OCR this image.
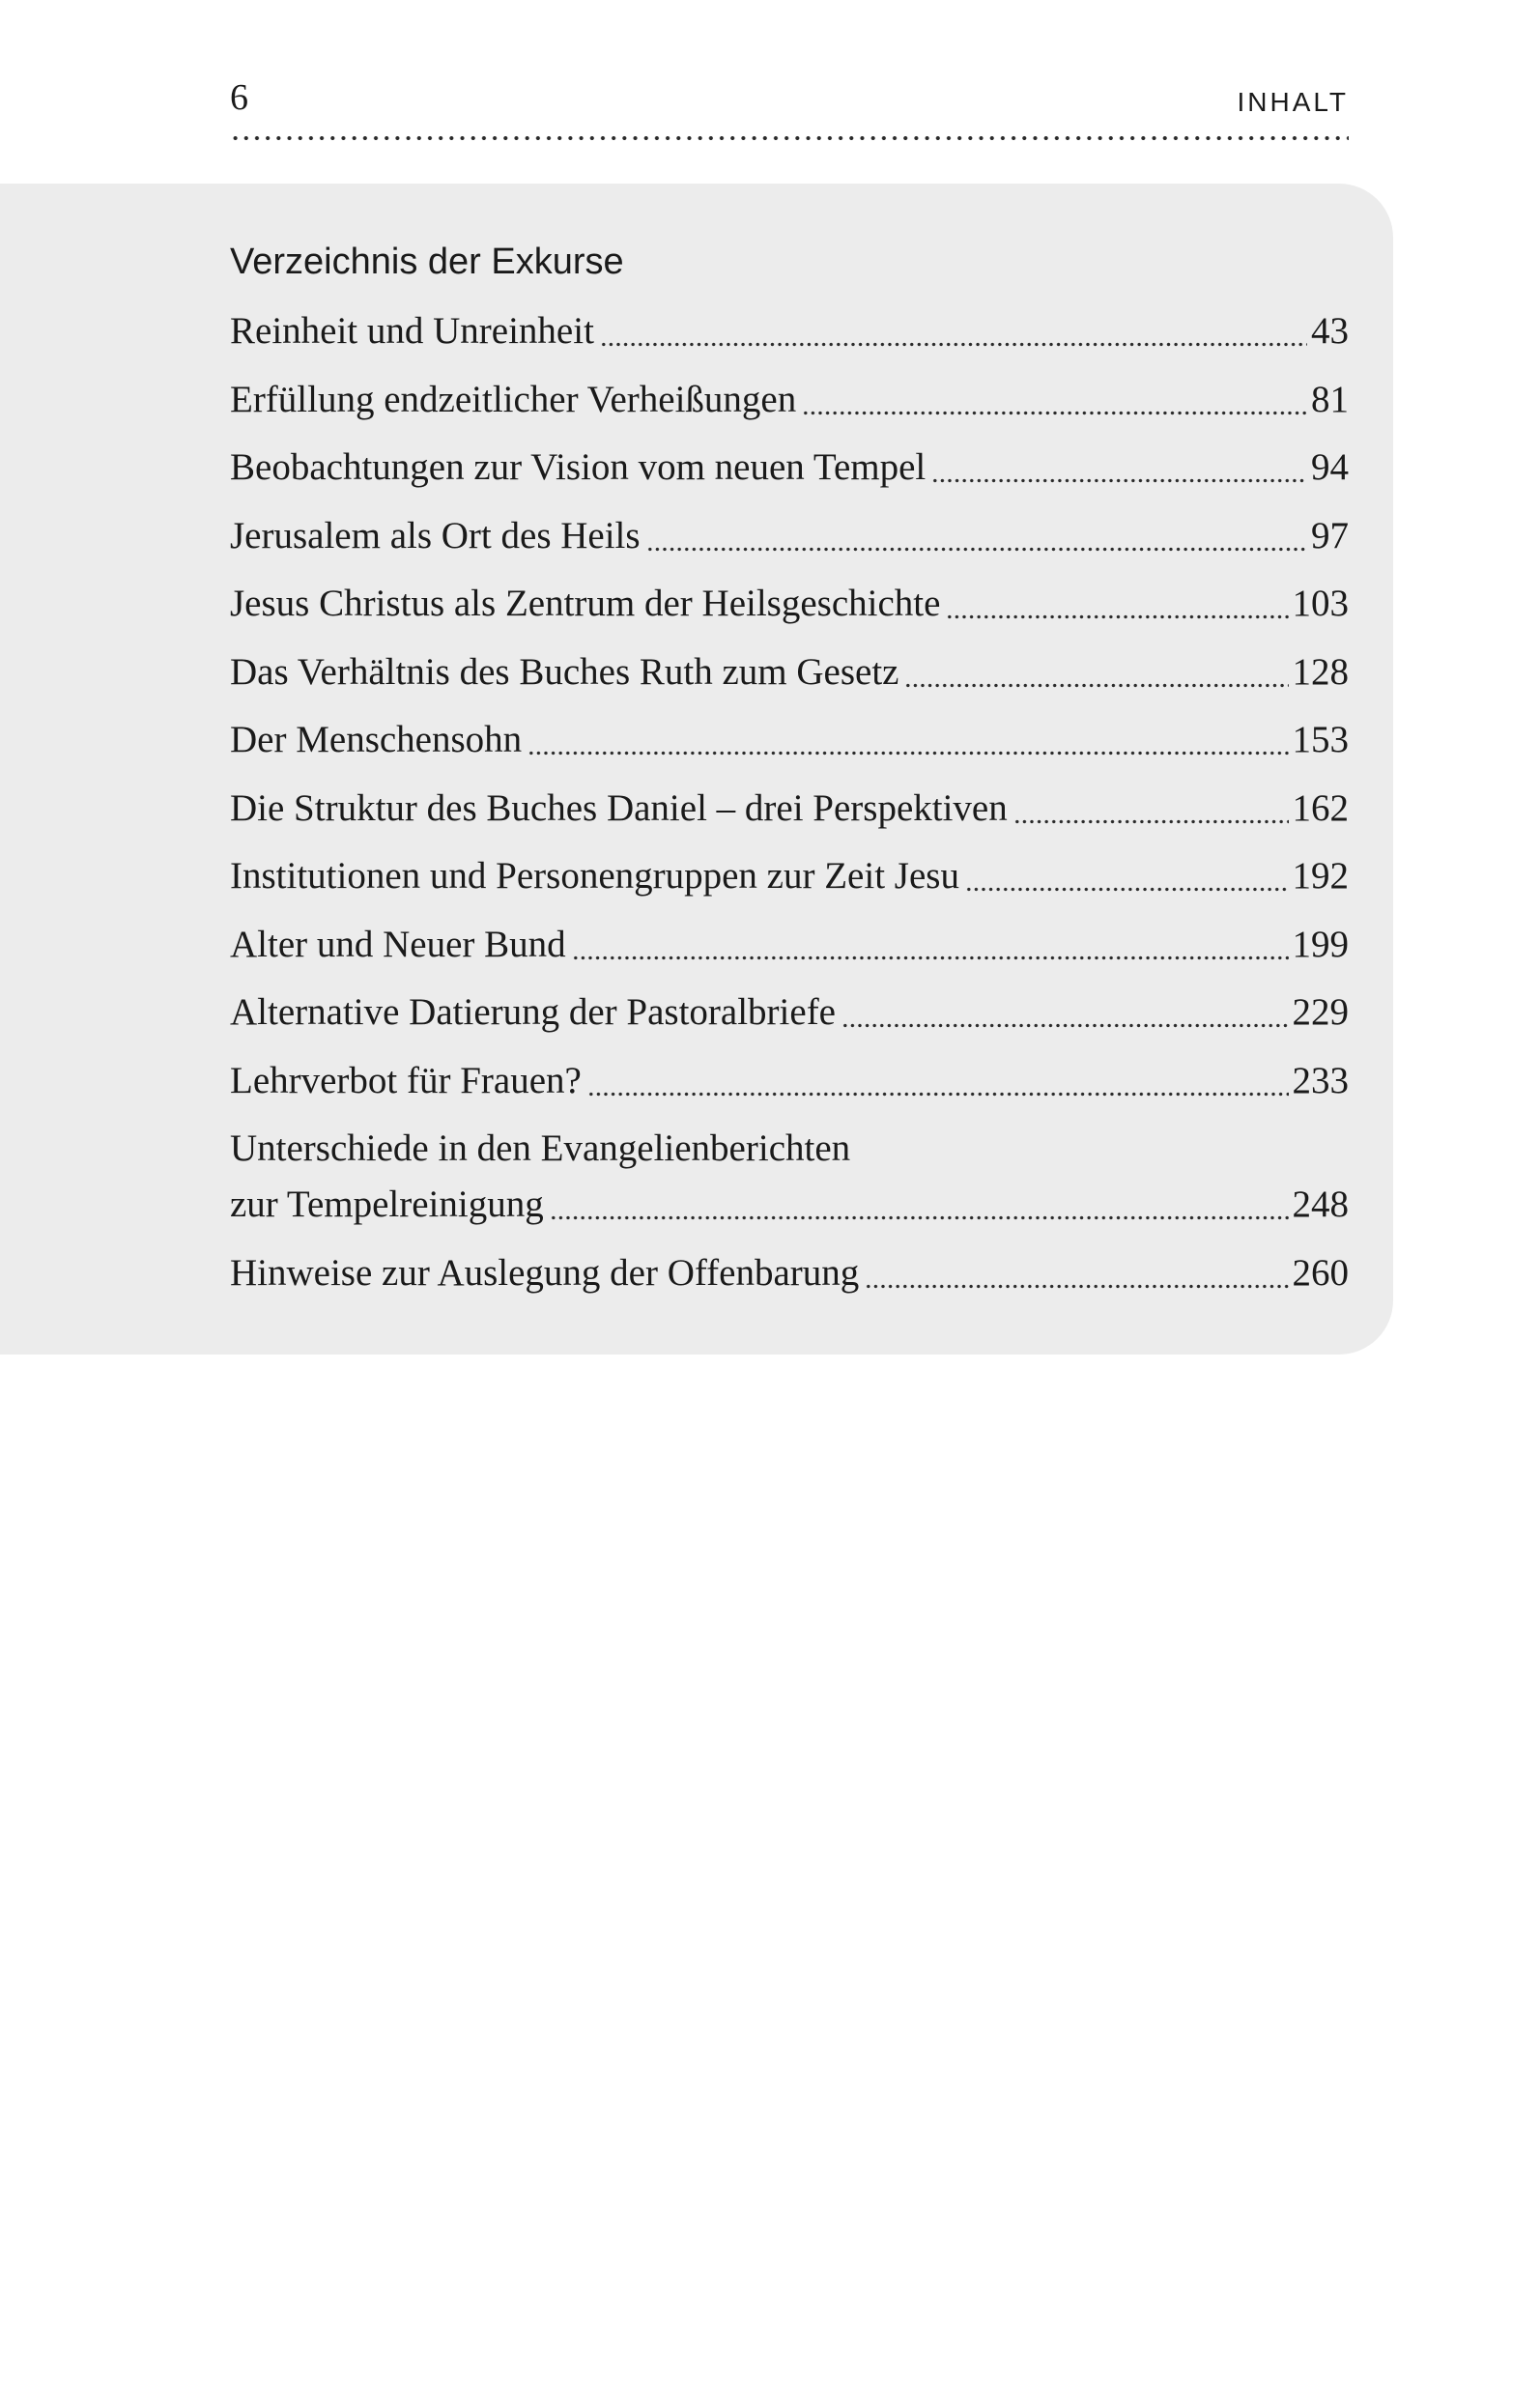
6	INHALT
Verzeichnis der Exkurse
Reinheit und Unreinheit	43
Erfüllung endzeitlicher Verheißungen	81
Beobachtungen zur Vision vom neuen Tempel	94
Jerusalem als Ort des Heils	97
Jesus Christus als Zentrum der Heilsgeschichte	103
Das Verhältnis des Buches Ruth zum Gesetz	128
Der Menschensohn	153
Die Struktur des Buches Daniel – drei Perspektiven	162
Institutionen und Personengruppen zur Zeit Jesu	192
Alter und Neuer Bund	199
Alternative Datierung der Pastoralbriefe	229
Lehrverbot für Frauen?	233
Unterschiede in den Evangelienberichten
zur Tempelreinigung	248
Hinweise zur Auslegung der Offenbarung	260
